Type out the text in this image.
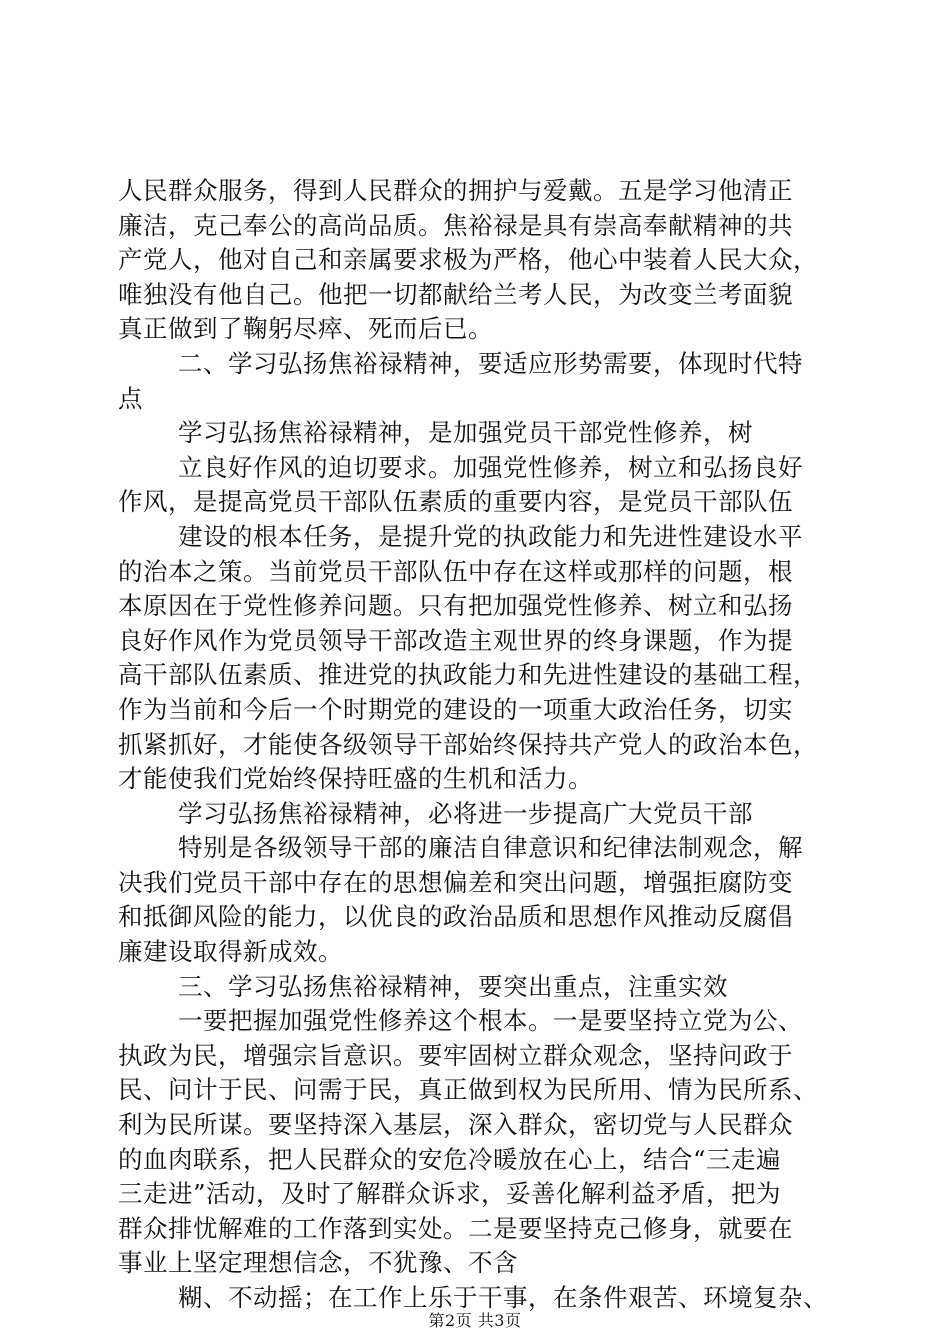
人民群众服务，得到人民群众的拥护与爱戴。五是学习他清正
廉洁，克己奉公的高尚品质。焦裕禄是具有崇高奉献精神的共
产党人，他对自己和亲属要求极为严格，他心中装着人民大众，
唯独没有他自己。他把一切都献给兰考人民，为改变兰考面貌
真正做到了鞠躬尽瘁、死而后已。
二、学习弘扬焦裕禄精神，要适应形势需要，体现时代特
点
学习弘扬焦裕禄精神，是加强党员干部党性修养，树
立良好作风的迫切要求。加强党性修养，树立和弘扬良好
作风，是提高党员干部队伍素质的重要内容，是党员干部队伍
建设的根本任务，是提升党的执政能力和先进性建设水平
的治本之策。当前党员干部队伍中存在这样或那样的问题，根
本原因在于党性修养问题。只有把加强党性修养、树立和弘扬
良好作风作为党员领导干部改造主观世界的终身课题，作为提
高干部队伍素质、推进党的执政能力和先进性建设的基础工程，
作为当前和今后一个时期党的建设的一项重大政治任务，切实
抓紧抓好，才能使各级领导干部始终保持共产党人的政治本色，
才能使我们党始终保持旺盛的生机和活力。
学习弘扬焦裕禄精神，必将进一步提高广大党员干部
特别是各级领导干部的廉洁自律意识和纪律法制观念，解
决我们党员干部中存在的思想偏差和突出问题，增强拒腐防变
和抵御风险的能力，以优良的政治品质和思想作风推动反腐倡
廉建设取得新成效。
三、学习弘扬焦裕禄精神，要突出重点，注重实效
一要把握加强党性修养这个根本。一是要坚持立党为公、
执政为民，增强宗旨意识。要牢固树立群众观念，坚持问政于
民、问计于民、问需于民，真正做到权为民所用、情为民所系、
利为民所谋。要坚持深入基层，深入群众，密切党与人民群众
的血肉联系，把人民群众的安危冷暖放在心上，结合“三走遍
三走进”活动，及时了解群众诉求，妥善化解利益矛盾，把为
群众排忧解难的工作落到实处。二是要坚持克己修身，就要在
事业上坚定理想信念，不犹豫、不含
糊、不动摇；在工作上乐于干事，在条件艰苦、环境复杂、
第2页 共3页
